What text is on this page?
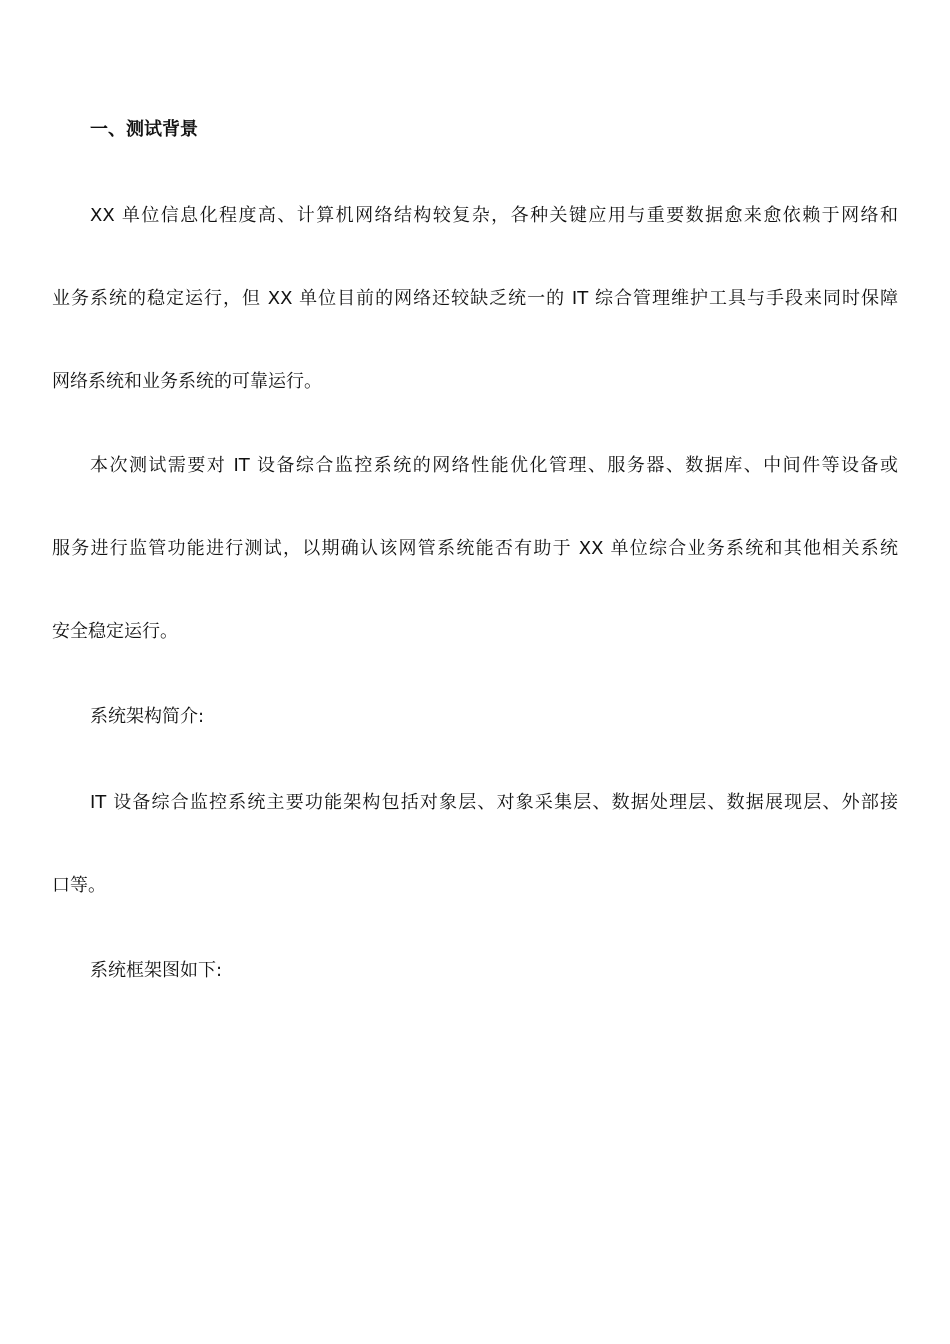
一、测试背景
XX 单位信息化程度高、计算机网络结构较复杂，各种关键应用与重要数据愈来愈依赖于网络和
业务系统的稳定运行，但 XX 单位目前的网络还较缺乏统一的 IT 综合管理维护工具与手段来同时保障
网络系统和业务系统的可靠运行。
本次测试需要对 IT 设备综合监控系统的网络性能优化管理、服务器、数据库、中间件等设备或
服务进行监管功能进行测试，以期确认该网管系统能否有助于 XX 单位综合业务系统和其他相关系统
安全稳定运行。
系统架构简介:
IT 设备综合监控系统主要功能架构包括对象层、对象采集层、数据处理层、数据展现层、外部接
口等。
系统框架图如下:
